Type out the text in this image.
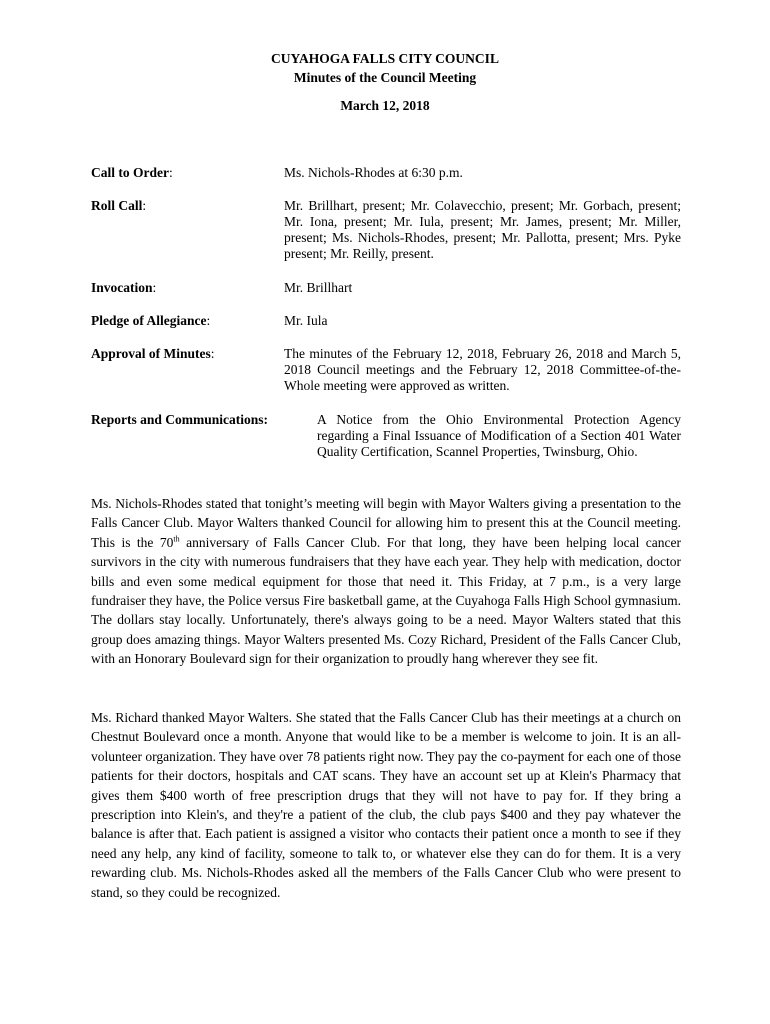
CUYAHOGA FALLS CITY COUNCIL
Minutes of the Council Meeting
March 12, 2018
Call to Order:	Ms. Nichols-Rhodes at 6:30 p.m.
Roll Call:	Mr. Brillhart, present; Mr. Colavecchio, present; Mr. Gorbach, present; Mr. Iona, present; Mr. Iula, present; Mr. James, present; Mr. Miller, present; Ms. Nichols-Rhodes, present; Mr. Pallotta, present; Mrs. Pyke present; Mr. Reilly, present.
Invocation:	Mr. Brillhart
Pledge of Allegiance:	Mr. Iula
Approval of Minutes:	The minutes of the February 12, 2018, February 26, 2018 and March 5, 2018 Council meetings and the February 12, 2018 Committee-of-the-Whole meeting were approved as written.
Reports and Communications:	A Notice from the Ohio Environmental Protection Agency regarding a Final Issuance of Modification of a Section 401 Water Quality Certification, Scannel Properties, Twinsburg, Ohio.
Ms. Nichols-Rhodes stated that tonight’s meeting will begin with Mayor Walters giving a presentation to the Falls Cancer Club. Mayor Walters thanked Council for allowing him to present this at the Council meeting. This is the 70th anniversary of Falls Cancer Club. For that long, they have been helping local cancer survivors in the city with numerous fundraisers that they have each year. They help with medication, doctor bills and even some medical equipment for those that need it. This Friday, at 7 p.m., is a very large fundraiser they have, the Police versus Fire basketball game, at the Cuyahoga Falls High School gymnasium. The dollars stay locally. Unfortunately, there's always going to be a need. Mayor Walters stated that this group does amazing things. Mayor Walters presented Ms. Cozy Richard, President of the Falls Cancer Club, with an Honorary Boulevard sign for their organization to proudly hang wherever they see fit.
Ms. Richard thanked Mayor Walters. She stated that the Falls Cancer Club has their meetings at a church on Chestnut Boulevard once a month. Anyone that would like to be a member is welcome to join. It is an all-volunteer organization. They have over 78 patients right now. They pay the co-payment for each one of those patients for their doctors, hospitals and CAT scans. They have an account set up at Klein's Pharmacy that gives them $400 worth of free prescription drugs that they will not have to pay for. If they bring a prescription into Klein's, and they're a patient of the club, the club pays $400 and they pay whatever the balance is after that. Each patient is assigned a visitor who contacts their patient once a month to see if they need any help, any kind of facility, someone to talk to, or whatever else they can do for them. It is a very rewarding club. Ms. Nichols-Rhodes asked all the members of the Falls Cancer Club who were present to stand, so they could be recognized.
